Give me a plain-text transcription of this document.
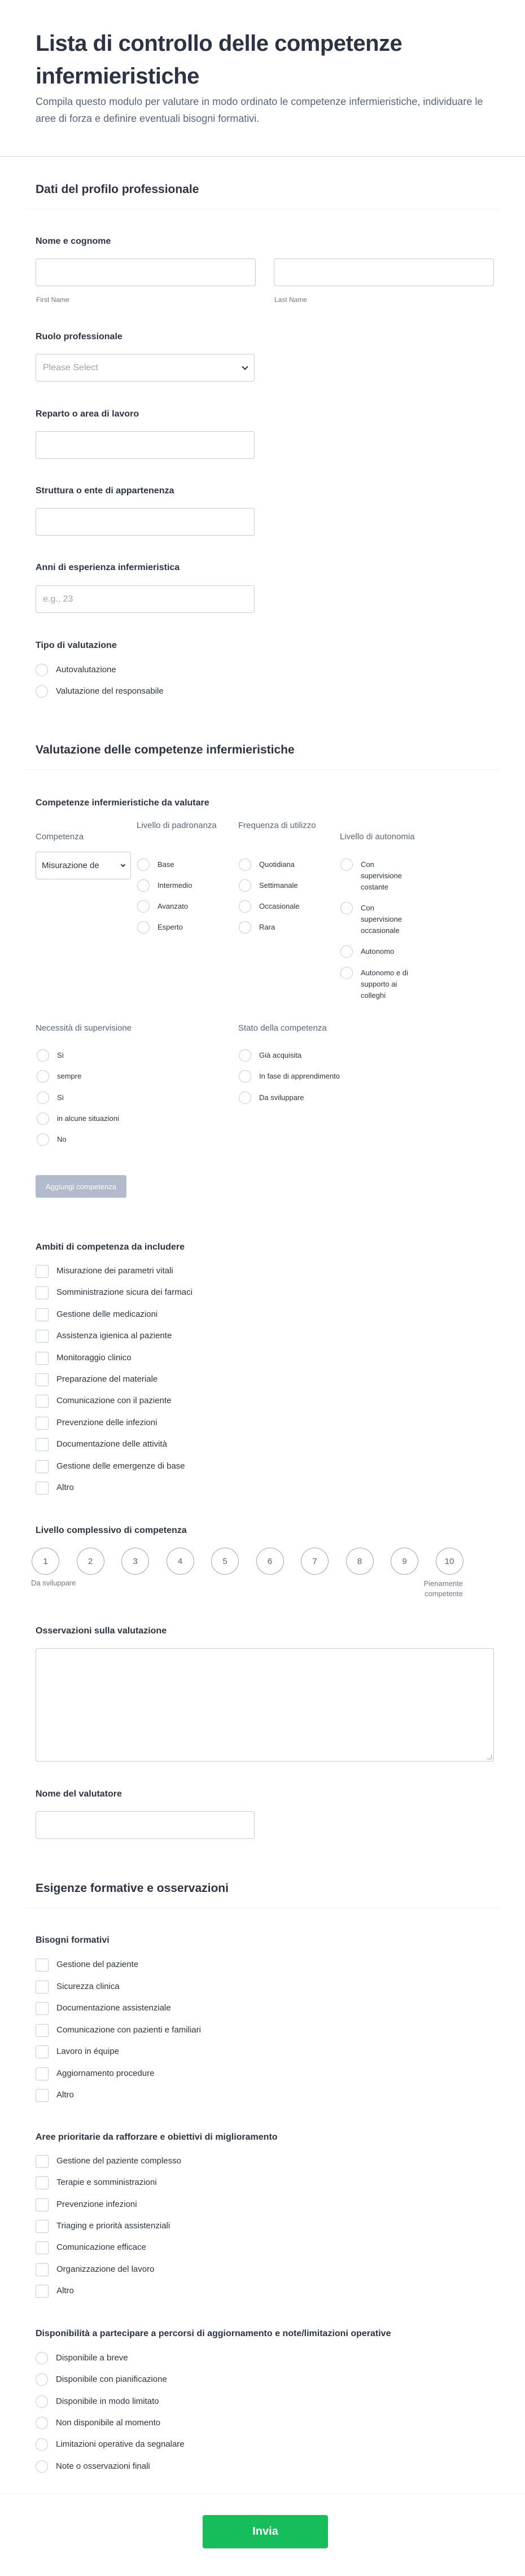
Lista di controllo delle competenze infermieristiche
Compila questo modulo per valutare in modo ordinato le competenze infermieristiche, individuare le aree di forza e definire eventuali bisogni formativi.
Dati del profilo professionale
Nome e cognome
First Name	Last Name
Ruolo professionale
Please Select
Reparto o area di lavoro
Struttura o ente di appartenenza
Anni di esperienza infermieristica
e.g., 23
Tipo di valutazione
Autovalutazione
Valutazione del responsabile
Valutazione delle competenze infermieristiche
Competenze infermieristiche da valutare
Competenza
Misurazione de
Livello di padronanza	Frequenza di utilizzo
Livello di autonomia
Base
Intermedio
Avanzato
Esperto
Quotidiana
Settimanale
Occasionale
Rara
Con supervisione costante
Con supervisione occasionale
Autonomo
Autonomo e di supporto ai colleghi
Necessità di supervisione	Stato della competenza
Sì
sempre
Sì
in alcune situazioni
No
Già acquisita
In fase di apprendimento
Da sviluppare
Aggiungi competenza
Ambiti di competenza da includere
Misurazione dei parametri vitali
Somministrazione sicura dei farmaci
Gestione delle medicazioni
Assistenza igienica al paziente
Monitoraggio clinico
Preparazione del materiale
Comunicazione con il paziente
Prevenzione delle infezioni
Documentazione delle attività
Gestione delle emergenze di base
Altro
Livello complessivo di competenza
1	2	3	4	5	6	7	8	9	10
Da sviluppare	Pienamente competente
Osservazioni sulla valutazione
Nome del valutatore
Esigenze formative e osservazioni
Bisogni formativi
Gestione del paziente
Sicurezza clinica
Documentazione assistenziale
Comunicazione con pazienti e familiari
Lavoro in équipe
Aggiornamento procedure
Altro
Aree prioritarie da rafforzare e obiettivi di miglioramento
Gestione del paziente complesso
Terapie e somministrazioni
Prevenzione infezioni
Triaging e priorità assistenziali
Comunicazione efficace
Organizzazione del lavoro
Altro
Disponibilità a partecipare a percorsi di aggiornamento e note/limitazioni operative
Disponibile a breve
Disponibile con pianificazione
Disponibile in modo limitato
Non disponibile al momento
Limitazioni operative da segnalare
Note o osservazioni finali
Invia
